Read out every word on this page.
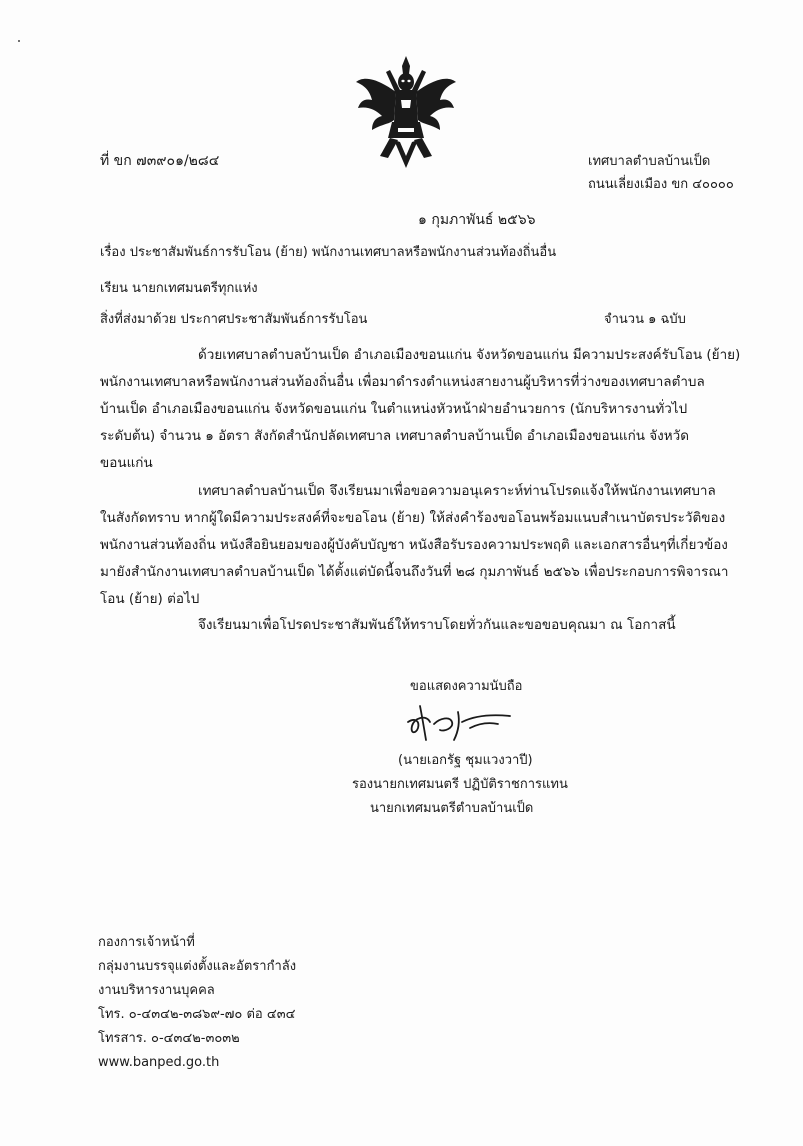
ที่ ขก ๗๓๙๐๑/๒๘๔	เทศบาลตำบลบ้านเป็ด
ถนนเลี่ยงเมือง ขก ๔๐๐๐๐
๑ กุมภาพันธ์ ๒๕๖๖
เรื่อง ประชาสัมพันธ์การรับโอน (ย้าย) พนักงานเทศบาลหรือพนักงานส่วนท้องถิ่นอื่น
เรียน นายกเทศมนตรีทุกแห่ง
สิ่งที่ส่งมาด้วย ประกาศประชาสัมพันธ์การรับโอน	จำนวน ๑ ฉบับ
ด้วยเทศบาลตำบลบ้านเป็ด อำเภอเมืองขอนแก่น จังหวัดขอนแก่น มีความประสงค์รับโอน (ย้าย)
พนักงานเทศบาลหรือพนักงานส่วนท้องถิ่นอื่น เพื่อมาดำรงตำแหน่งสายงานผู้บริหารที่ว่างของเทศบาลตำบล
บ้านเป็ด อำเภอเมืองขอนแก่น จังหวัดขอนแก่น ในตำแหน่งหัวหน้าฝ่ายอำนวยการ (นักบริหารงานทั่วไป
ระดับต้น) จำนวน ๑ อัตรา สังกัดสำนักปลัดเทศบาล เทศบาลตำบลบ้านเป็ด อำเภอเมืองขอนแก่น จังหวัด
ขอนแก่น
เทศบาลตำบลบ้านเป็ด จึงเรียนมาเพื่อขอความอนุเคราะห์ท่านโปรดแจ้งให้พนักงานเทศบาล
ในสังกัดทราบ หากผู้ใดมีความประสงค์ที่จะขอโอน (ย้าย) ให้ส่งคำร้องขอโอนพร้อมแนบสำเนาบัตรประวัติของ
พนักงานส่วนท้องถิ่น หนังสือยินยอมของผู้บังคับบัญชา หนังสือรับรองความประพฤติ และเอกสารอื่นๆที่เกี่ยวข้อง
มายังสำนักงานเทศบาลตำบลบ้านเป็ด ได้ตั้งแต่บัดนี้จนถึงวันที่ ๒๘ กุมภาพันธ์ ๒๕๖๖ เพื่อประกอบการพิจารณา
โอน (ย้าย) ต่อไป
จึงเรียนมาเพื่อโปรดประชาสัมพันธ์ให้ทราบโดยทั่วกันและขอขอบคุณมา ณ โอกาสนี้
ขอแสดงความนับถือ
(นายเอกรัฐ ชุมแวงวาปี)
รองนายกเทศมนตรี ปฏิบัติราชการแทน
นายกเทศมนตรีตำบลบ้านเป็ด
กองการเจ้าหน้าที่
กลุ่มงานบรรจุแต่งตั้งและอัตรากำลัง
งานบริหารงานบุคคล
โทร. ๐-๔๓๔๒-๓๘๖๙-๗๐ ต่อ ๔๓๔
โทรสาร. ๐-๔๓๔๒-๓๐๓๒
www.banped.go.th
